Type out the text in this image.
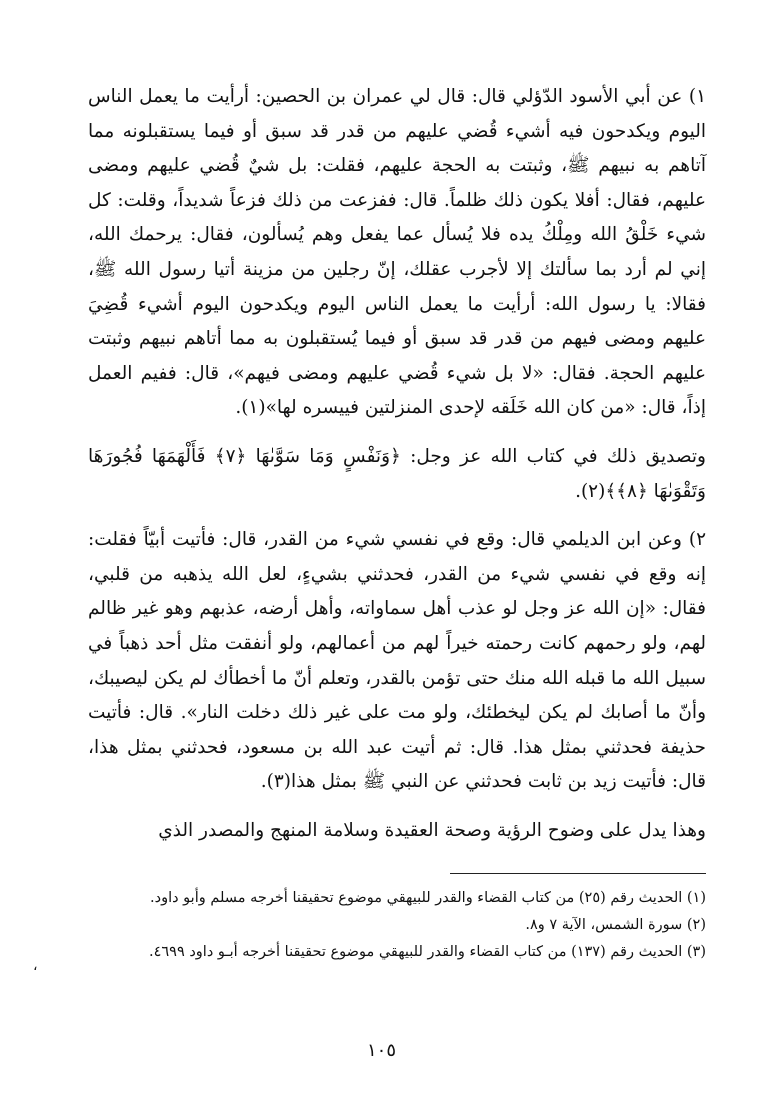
١) عن أبي الأسود الدّؤلي قال: قال لي عمران بن الحصين: أرأيت ما يعمل الناس اليوم ويكدحون فيه أشيء قُضي عليهم من قدر قد سبق أو فيما يستقبلونه مما آتاهم به نبيهم ﷺ، وثبتت به الحجة عليهم، فقلت: بل شيٌ قُضي عليهم ومضى عليهم، فقال: أفلا يكون ذلك ظلماً. قال: ففزعت من ذلك فزعاً شديداً، وقلت: كل شيء خَلْقُ الله ومِلْكُ يده فلا يُسأل عما يفعل وهم يُسألون، فقال: يرحمك الله، إني لم أرد بما سألتك إلا لأجرب عقلك، إنّ رجلين من مزينة أتيا رسول الله ﷺ، فقالا: يا رسول الله: أرأيت ما يعمل الناس اليوم ويكدحون اليوم أشيء قُضِيَ عليهم ومضى فيهم من قدر قد سبق أو فيما يُستقبلون به مما أتاهم نبيهم وثبتت عليهم الحجة. فقال: «لا بل شيء قُضي عليهم ومضى فيهم»، قال: ففيم العمل إذاً، قال: «من كان الله خَلَقه لإحدى المنزلتين فييسره لها»(١).

وتصديق ذلك في كتاب الله عز وجل: ﴿وَنَفْسٍ وَمَا سَوَّىٰهَا ﴿٧﴾ فَأَلْهَمَهَا فُجُورَهَا وَتَقْوَىٰهَا ﴿٨﴾﴾(٢).

٢) وعن ابن الديلمي قال: وقع في نفسي شيء من القدر، قال: فأتيت أبيّاً فقلت: إنه وقع في نفسي شيء من القدر، فحدثني بشيءٍ، لعل الله يذهبه من قلبي، فقال: «إن الله عز وجل لو عذب أهل سماواته، وأهل أرضه، عذبهم وهو غير ظالم لهم، ولو رحمهم كانت رحمته خيراً لهم من أعمالهم، ولو أنفقت مثل أحد ذهباً في سبيل الله ما قبله الله منك حتى تؤمن بالقدر، وتعلم أنّ ما أخطأك لم يكن ليصيبك، وأنّ ما أصابك لم يكن ليخطئك، ولو مت على غير ذلك دخلت النار». قال: فأتيت حذيفة فحدثني بمثل هذا. قال: ثم أتيت عبد الله بن مسعود، فحدثني بمثل هذا، قال: فأتيت زيد بن ثابت فحدثني عن النبي ﷺ بمثل هذا(٣).

وهذا يدل على وضوح الرؤية وصحة العقيدة وسلامة المنهج والمصدر الذي

(١) الحديث رقم (٢٥) من كتاب القضاء والقدر للبيهقي موضوع تحقيقنا أخرجه مسلم وأبو داود.
(٢) سورة الشمس، الآية ٧ و٨.
(٣) الحديث رقم (١٣٧) من كتاب القضاء والقدر للبيهقي موضوع تحقيقنا أخرجه أبـو داود ٤٦٩٩.
،
١٠٥
